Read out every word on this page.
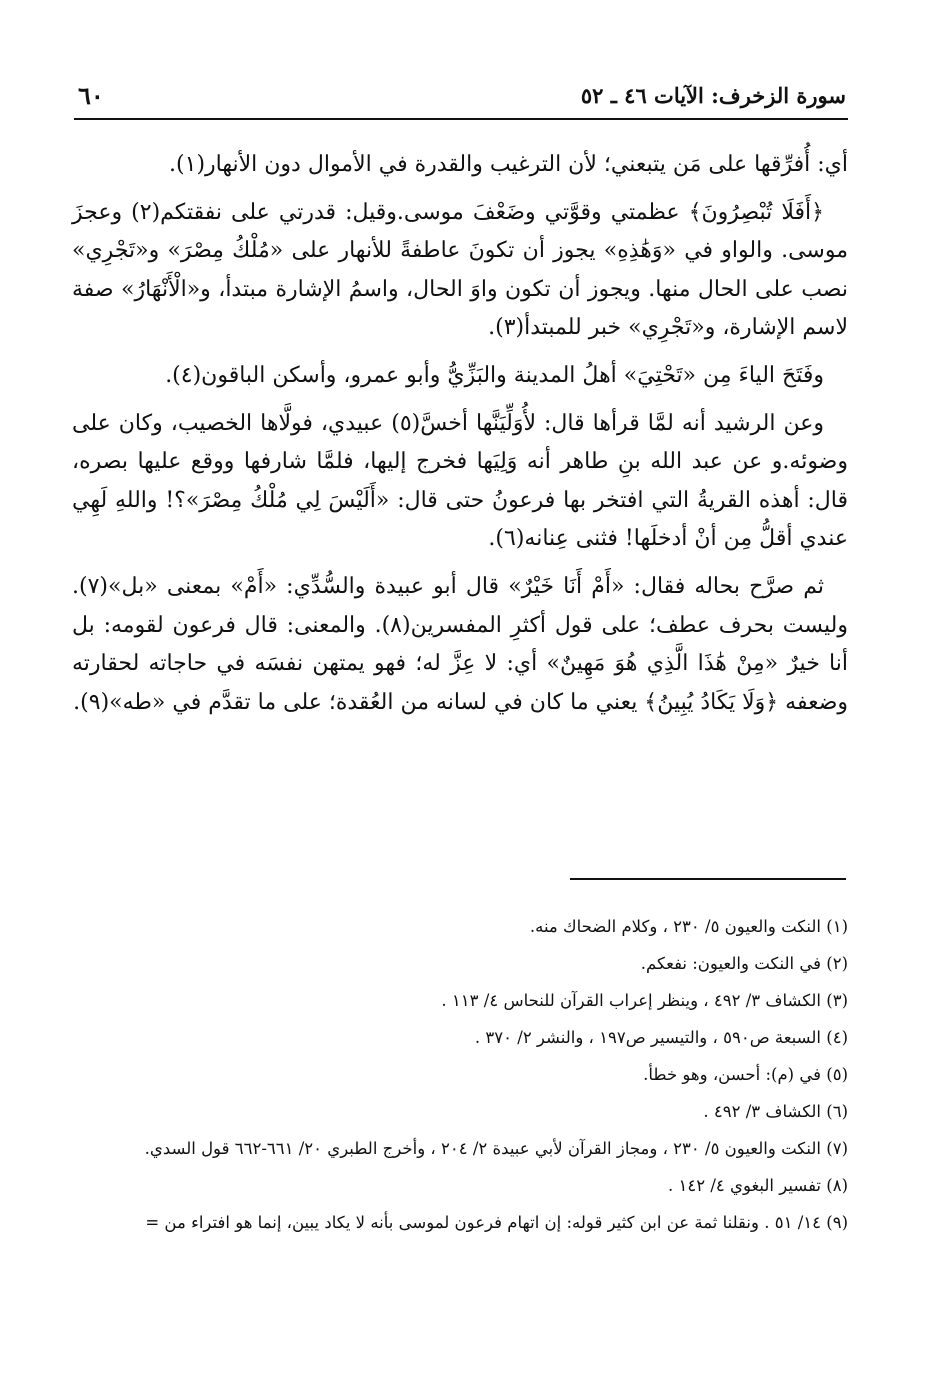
سورة الزخرف: الآيات ٤٦ ـ ٥٢
٦٠

أي: أُفرِّقها على مَن يتبعني؛ لأن الترغيب والقدرة في الأموال دون الأنهار(١).

﴿أَفَلَا تُبْصِرُونَ﴾ عظمتي وقوَّتي وضَعْفَ موسى.وقيل: قدرتي على نفقتكم(٢) وعجزَ موسى. والواو في «وَهَٰذِهِ» يجوز أن تكونَ عاطفةً للأنهار على «مُلْكُ مِصْرَ» و«تَجْرِي» نصب على الحال منها. ويجوز أن تكون واوَ الحال، واسمُ الإشارة مبتدأ، و«الْأَنْهَارُ» صفة لاسم الإشارة، و«تَجْرِي» خبر للمبتدأ(٣).

وفَتَحَ الياءَ مِن «تَحْتِيَ» أهلُ المدينة والبَزِّيُّ وأبو عمرو، وأسكن الباقون(٤).

وعن الرشيد أنه لمَّا قرأها قال: لأُوَلِّيَنَّها أخسَّ(٥) عبيدي، فولَّاها الخصيب، وكان على وضوئه.و عن عبد الله بنِ طاهر أنه وَلِيَها فخرج إليها، فلمَّا شارفها ووقع عليها بصره، قال: أهذه القريةُ التي افتخر بها فرعونُ حتى قال: «أَلَيْسَ لِي مُلْكُ مِصْرَ»؟! واللهِ لَهِي عندي أقلُّ مِن أنْ أدخلَها! فثنى عِنانه(٦).

ثم صرَّح بحاله فقال: «أَمْ أَنَا خَيْرٌ» قال أبو عبيدة والسُّدِّي: «أَمْ» بمعنى «بل»(٧). وليست بحرف عطف؛ على قول أكثرِ المفسرين(٨). والمعنى: قال فرعون لقومه: بل أنا خيرٌ «مِنْ هَٰذَا الَّذِي هُوَ مَهِينٌ» أي: لا عِزَّ له؛ فهو يمتهن نفسَه في حاجاته لحقارته وضعفه ﴿وَلَا يَكَادُ يُبِينُ﴾ يعني ما كان في لسانه من العُقدة؛ على ما تقدَّم في «طه»(٩).

(١) النكت والعيون ٥/ ٢٣٠ ، وكلام الضحاك منه.

(٢) في النكت والعيون: نفعكم.

(٣) الكشاف ٣/ ٤٩٢ ، وينظر إعراب القرآن للنحاس ٤/ ١١٣ .

(٤) السبعة ص٥٩٠ ، والتيسير ص١٩٧ ، والنشر ٢/ ٣٧٠ .

(٥) في (م): أحسن، وهو خطأ.

(٦) الكشاف ٣/ ٤٩٢ .

(٧) النكت والعيون ٥/ ٢٣٠ ، ومجاز القرآن لأبي عبيدة ٢/ ٢٠٤ ، وأخرج الطبري ٢٠/ ٦٦١-٦٦٢ قول السدي.

(٨) تفسير البغوي ٤/ ١٤٢ .

(٩) ١٤/ ٥١ . ونقلنا ثمة عن ابن كثير قوله: إن اتهام فرعون لموسى بأنه لا يكاد يبين، إنما هو افتراء من =
